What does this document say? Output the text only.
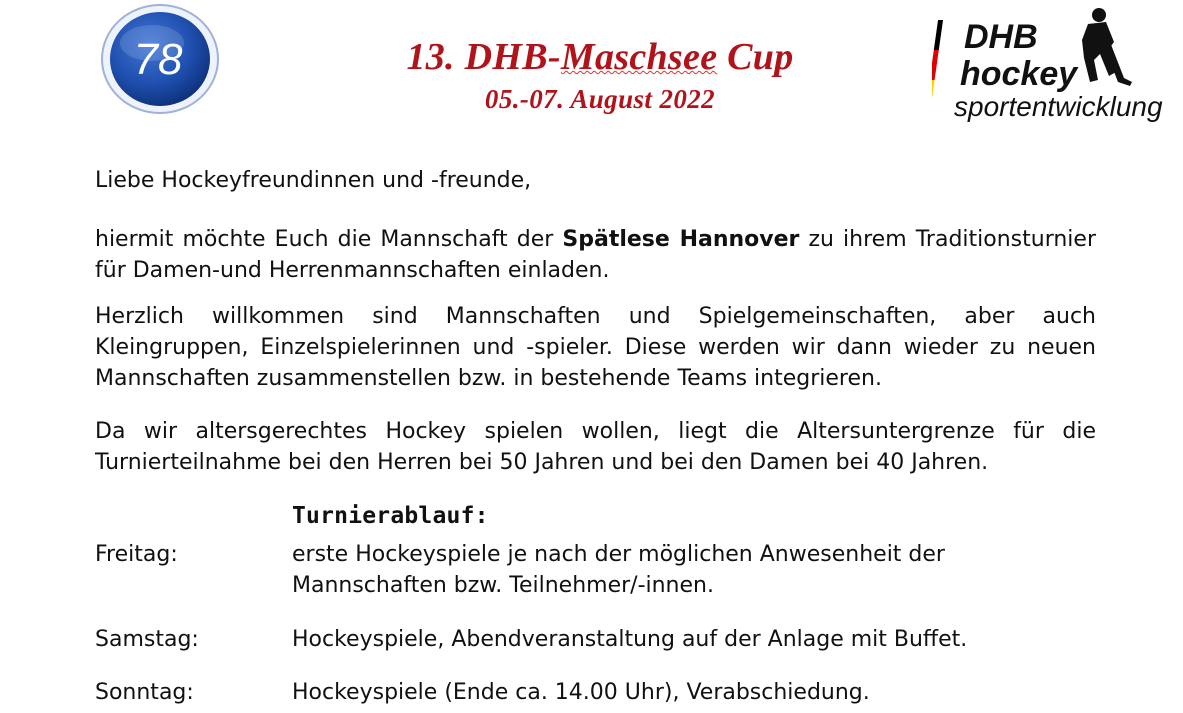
78	13. DHB-Maschsee Cup
05.-07. August 2022
DHB
hockey
sportentwicklung

Liebe Hockeyfreundinnen und -freunde,

hiermit möchte Euch die Mannschaft der Spätlese Hannover zu ihrem Traditionsturnier für Damen-und Herrenmannschaften einladen.

Herzlich willkommen sind Mannschaften und Spielgemeinschaften, aber auch Kleingruppen, Einzelspielerinnen und -spieler. Diese werden wir dann wieder zu neuen Mannschaften zusammenstellen bzw. in bestehende Teams integrieren.

Da wir altersgerechtes Hockey spielen wollen, liegt die Altersuntergrenze für die Turnierteilnahme bei den Herren bei 50 Jahren und bei den Damen bei 40 Jahren.

Turnierablauf:
Freitag:	erste Hockeyspiele je nach der möglichen Anwesenheit der Mannschaften bzw. Teilnehmer/-innen.
Samstag:	Hockeyspiele, Abendveranstaltung auf der Anlage mit Buffet.
Sonntag:	Hockeyspiele (Ende ca. 14.00 Uhr), Verabschiedung.
